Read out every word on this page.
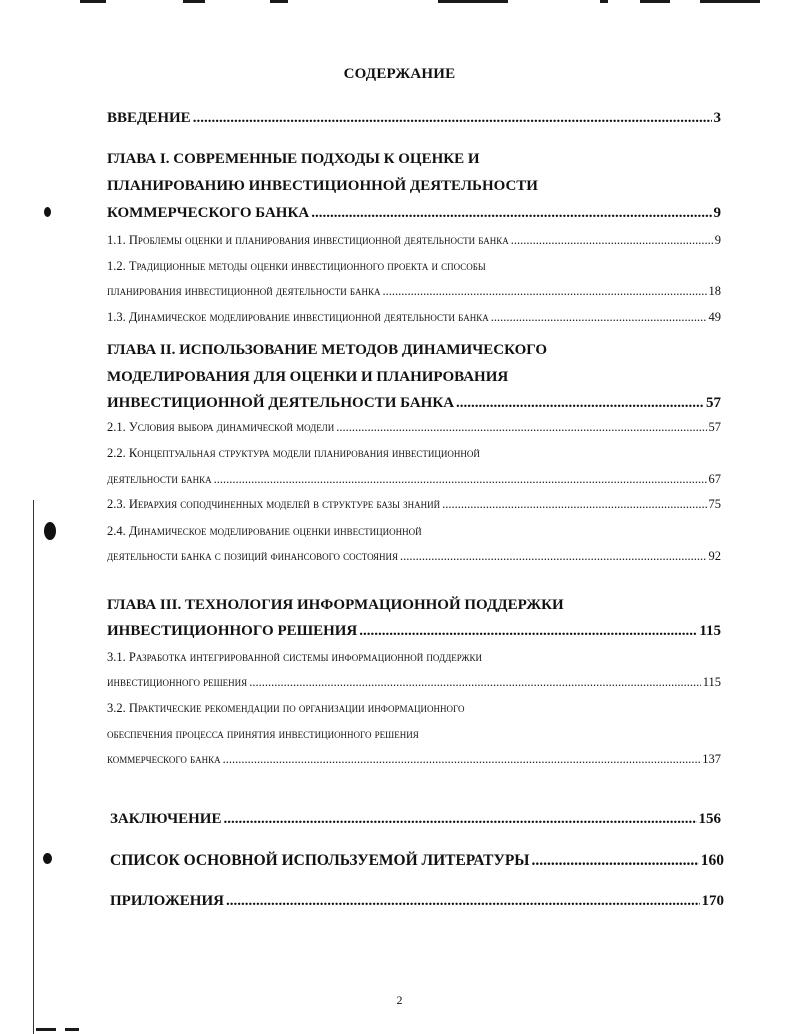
СОДЕРЖАНИЕ
ВВЕДЕНИЕ .....	3
ГЛАВА I. СОВРЕМЕННЫЕ ПОДХОДЫ К ОЦЕНКЕ И
ПЛАНИРОВАНИЮ ИНВЕСТИЦИОННОЙ ДЕЯТЕЛЬНОСТИ
КОММЕРЧЕСКОГО БАНКА .....	9
1.1. Проблемы оценки и планирования инвестиционной деятельности банка .....	9
1.2. Традиционные методы оценки инвестиционного проекта и способы
планирования инвестиционной деятельности банка .....	18
1.3. Динамическое моделирование инвестиционной деятельности банка .....	49
ГЛАВА II. ИСПОЛЬЗОВАНИЕ МЕТОДОВ ДИНАМИЧЕСКОГО
МОДЕЛИРОВАНИЯ ДЛЯ ОЦЕНКИ И ПЛАНИРОВАНИЯ
ИНВЕСТИЦИОННОЙ ДЕЯТЕЛЬНОСТИ БАНКА .....	57
2.1. Условия выбора динамической модели .....	57
2.2. Концептуальная структура модели планирования инвестиционной
деятельности банка .....	67
2.3. Иерархия соподчиненных моделей в структуре базы знаний .....	75
2.4. Динамическое моделирование оценки инвестиционной
деятельности банка с позиций финансового состояния .....	92
ГЛАВА III. ТЕХНОЛОГИЯ ИНФОРМАЦИОННОЙ ПОДДЕРЖКИ
ИНВЕСТИЦИОННОГО РЕШЕНИЯ .....	115
3.1. Разработка интегрированной системы информационной поддержки
инвестиционного решения .....	115
3.2. Практические рекомендации по организации информационного
обеспечения процесса принятия инвестиционного решения
коммерческого банка .....	137
ЗАКЛЮЧЕНИЕ .....	156
СПИСОК ОСНОВНОЙ ИСПОЛЬЗУЕМОЙ ЛИТЕРАТУРЫ .....	160
ПРИЛОЖЕНИЯ .....	170
2
